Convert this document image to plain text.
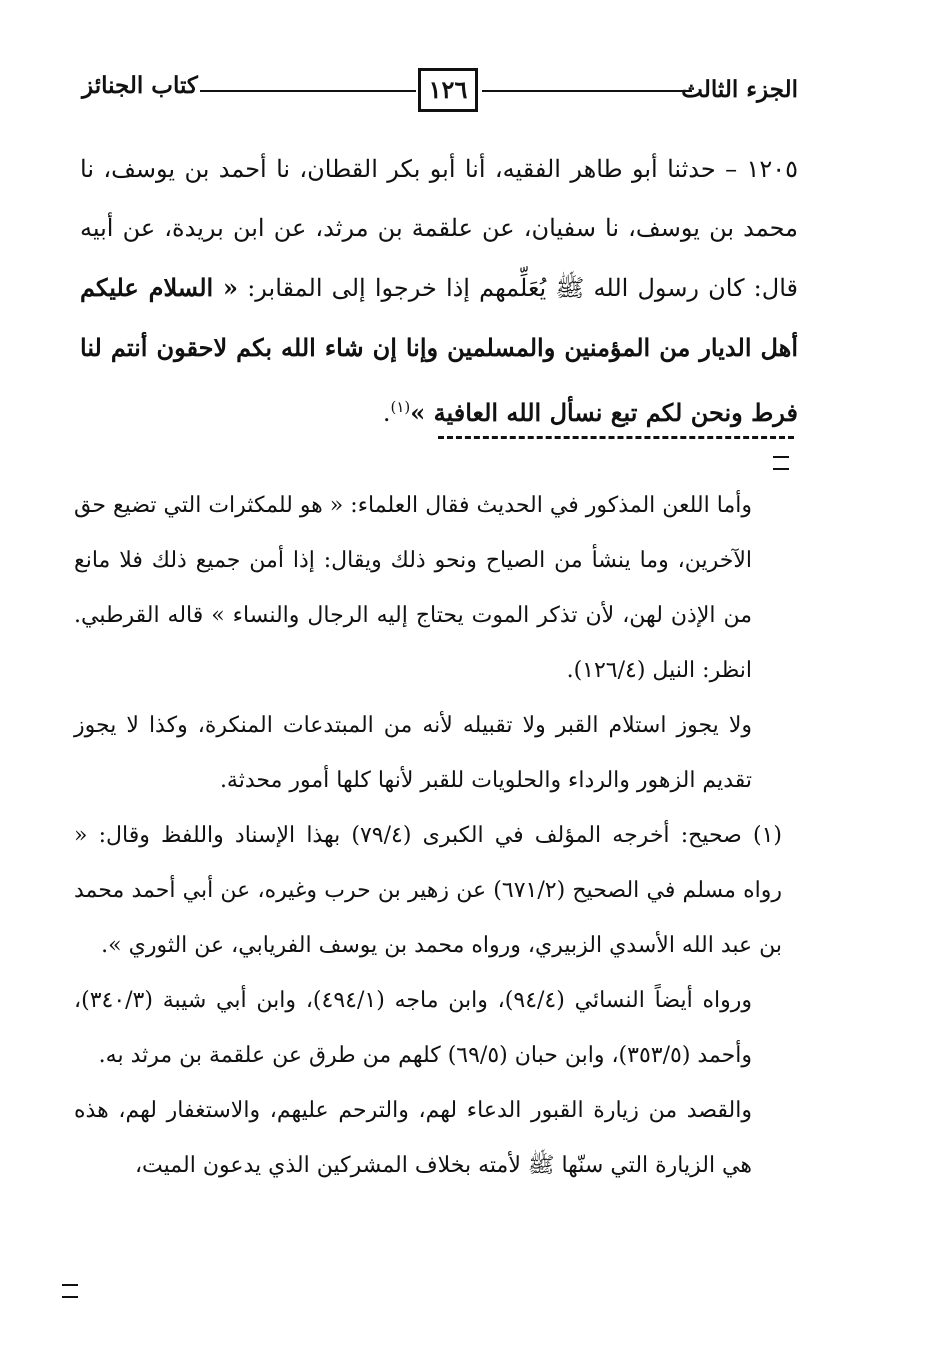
كتاب الجنائز	١٢٦	الجزء الثالث

١٢٠٥ – حدثنا أبو طاهر الفقيه، أنا أبو بكر القطان، نا أحمد بن يوسف، نا محمد بن يوسف، نا سفيان، عن علقمة بن مرثد، عن ابن بريدة، عن أبيه قال: كان رسول الله ﷺ يُعَلِّمهم إذا خرجوا إلى المقابر: « السلام عليكم أهل الديار من المؤمنين والمسلمين وإنا إن شاء الله بكم لاحقون أنتم لنا فرط ونحن لكم تبع نسأل الله العافية »$^{(١)}$.

وأما اللعن المذكور في الحديث فقال العلماء: « هو للمكثرات التي تضيع حق الآخرين، وما ينشأ من الصياح ونحو ذلك ويقال: إذا أمن جميع ذلك فلا مانع من الإذن لهن، لأن تذكر الموت يحتاج إليه الرجال والنساء » قاله القرطبي. انظر: النيل (١٢٦/٤).

ولا يجوز استلام القبر ولا تقبيله لأنه من المبتدعات المنكرة، وكذا لا يجوز تقديم الزهور والرداء والحلويات للقبر لأنها كلها أمور محدثة.

(١) صحيح: أخرجه المؤلف في الكبرى (٧٩/٤) بهذا الإسناد واللفظ وقال: « رواه مسلم في الصحيح (٦٧١/٢) عن زهير بن حرب وغيره، عن أبي أحمد محمد بن عبد الله الأسدي الزبيري، ورواه محمد بن يوسف الفريابي، عن الثوري ».

ورواه أيضاً النسائي (٩٤/٤)، وابن ماجه (٤٩٤/١)، وابن أبي شيبة (٣٤٠/٣)، وأحمد (٣٥٣/٥)، وابن حبان (٦٩/٥) كلهم من طرق عن علقمة بن مرثد به.

والقصد من زيارة القبور الدعاء لهم، والترحم عليهم، والاستغفار لهم، هذه هي الزيارة التي سنّها ﷺ لأمته بخلاف المشركين الذي يدعون الميت،
